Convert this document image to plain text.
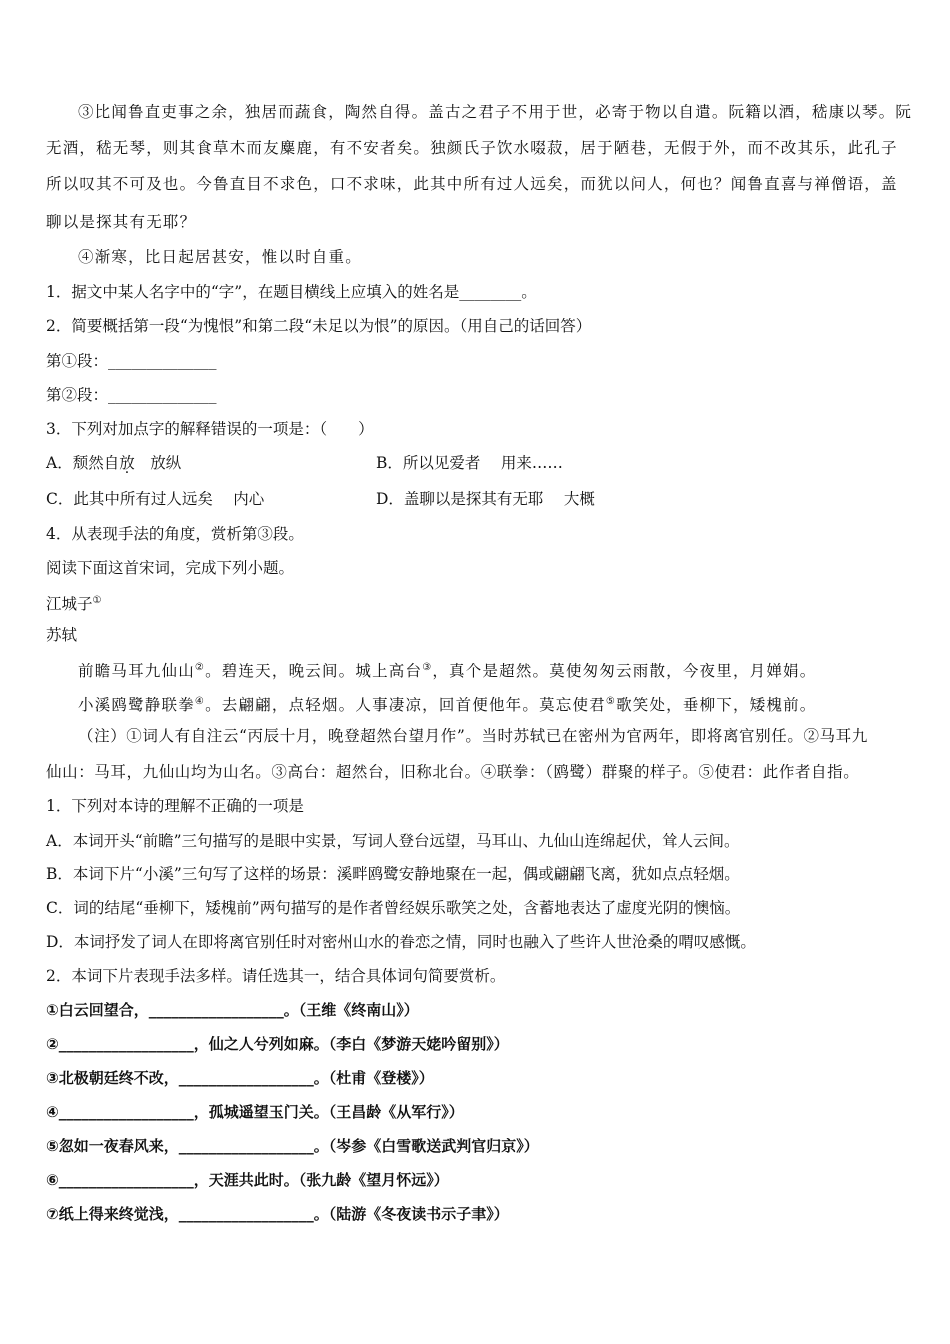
③比闻鲁直吏事之余，独居而蔬食，陶然自得。盖古之君子不用于世，必寄于物以自遣。阮籍以酒，嵇康以琴。阮
无酒，嵇无琴，则其食草木而友麋鹿，有不安者矣。独颜氏子饮水啜菽，居于陋巷，无假于外，而不改其乐，此孔子
所以叹其不可及也。今鲁直目不求色，口不求味，此其中所有过人远矣，而犹以问人，何也？闻鲁直喜与禅僧语，盖
聊以是探其有无耶？
④渐寒，比日起居甚安，惟以时自重。
1．据文中某人名字中的“字”，在题目横线上应填入的姓名是________。
2．简要概括第一段“为愧恨”和第二段“未足以为恨”的原因。（用自己的话回答）
第①段：______________
第②段：______________
3．下列对加点字的解释错误的一项是：（　　）
A．颓然自放　放纵	B．所以见爱者　 用来……
C．此其中所有过人远矣　 内心	D．盖聊以是探其有无耶　 大概
4．从表现手法的角度，赏析第③段。
阅读下面这首宋词，完成下列小题。
江城子①
苏轼
前瞻马耳九仙山②。碧连天，晚云间。城上高台③，真个是超然。莫使匆匆云雨散，今夜里，月婵娟。
小溪鸥鹭静联拳④。去翩翩，点轻烟。人事凄凉，回首便他年。莫忘使君⑤歌笑处，垂柳下，矮槐前。
（注）①词人有自注云“丙辰十月，晚登超然台望月作”。当时苏轼已在密州为官两年，即将离官别任。②马耳九
仙山：马耳，九仙山均为山名。③高台：超然台，旧称北台。④联拳：（鸥鹭）群聚的样子。⑤使君：此作者自指。
1．下列对本诗的理解不正确的一项是
A．本词开头“前瞻”三句描写的是眼中实景，写词人登台远望，马耳山、九仙山连绵起伏，耸人云间。
B．本词下片“小溪”三句写了这样的场景：溪畔鸥鹭安静地聚在一起，偶或翩翩飞离，犹如点点轻烟。
C．词的结尾“垂柳下，矮槐前”两句描写的是作者曾经娱乐歌笑之处，含蓄地表达了虚度光阴的懊恼。
D．本词抒发了词人在即将离官别任时对密州山水的眷恋之情，同时也融入了些许人世沧桑的喟叹感慨。
2．本词下片表现手法多样。请任选其一，结合具体词句简要赏析。
①白云回望合，__________________。（王维《终南山》）
②__________________，仙之人兮列如麻。（李白《梦游天姥吟留别》）
③北极朝廷终不改，__________________。（杜甫《登楼》）
④__________________，孤城遥望玉门关。（王昌龄《从军行》）
⑤忽如一夜春风来，__________________。（岑参《白雪歌送武判官归京》）
⑥__________________，天涯共此时。（张九龄《望月怀远》）
⑦纸上得来终觉浅，__________________。（陆游《冬夜读书示子聿》）
